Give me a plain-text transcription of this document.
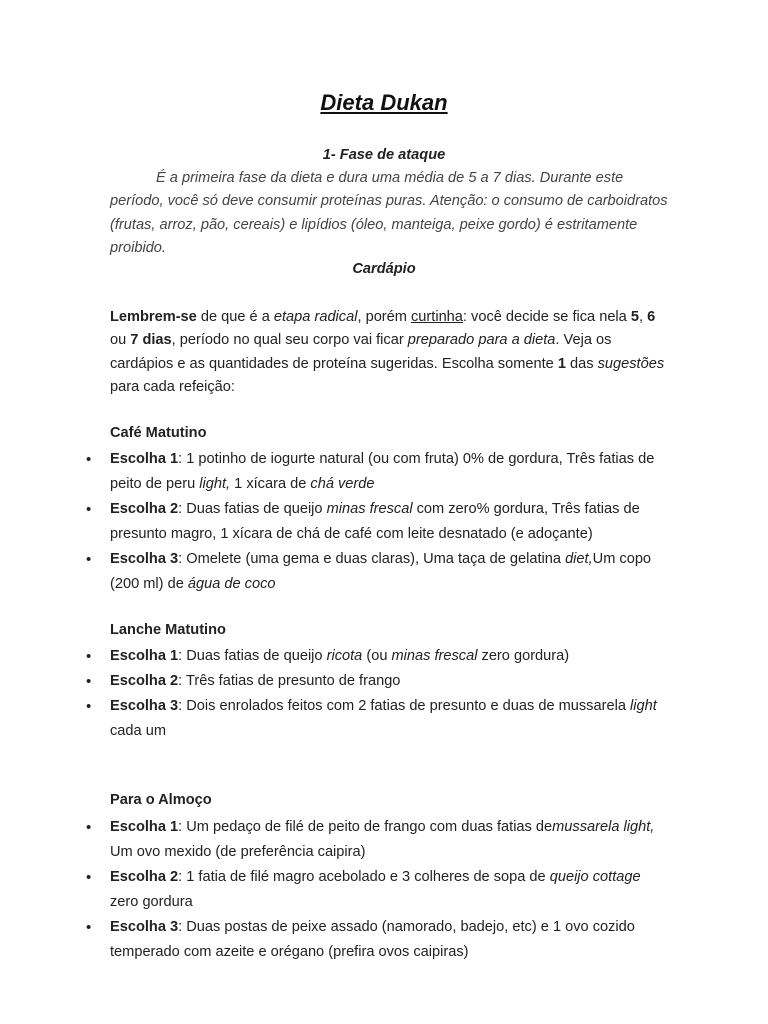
Dieta Dukan
1- Fase de ataque
É a primeira fase da dieta e dura uma média de 5 a 7 dias. Durante este período, você só deve consumir proteínas puras. Atenção: o consumo de carboidratos (frutas, arroz, pão, cereais) e lipídios (óleo, manteiga, peixe gordo) é estritamente proibido.
Cardápio
Lembrem-se de que é a etapa radical, porém curtinha: você decide se fica nela 5, 6 ou 7 dias, período no qual seu corpo vai ficar preparado para a dieta. Veja os cardápios e as quantidades de proteína sugeridas. Escolha somente 1 das sugestões para cada refeição:
Café Matutino
• Escolha 1: 1 potinho de iogurte natural (ou com fruta) 0% de gordura, Três fatias de peito de peru light, 1 xícara de chá verde
• Escolha 2: Duas fatias de queijo minas frescal com zero% gordura, Três fatias de presunto magro, 1 xícara de chá de café com leite desnatado (e adoçante)
• Escolha 3: Omelete (uma gema e duas claras), Uma taça de gelatina diet,Um copo (200 ml) de água de coco
Lanche Matutino
• Escolha 1: Duas fatias de queijo ricota (ou minas frescal zero gordura)
• Escolha 2: Três fatias de presunto de frango
• Escolha 3: Dois enrolados feitos com 2 fatias de presunto e duas de mussarela light cada um
Para o Almoço
• Escolha 1: Um pedaço de filé de peito de frango com duas fatias demussarela light, Um ovo mexido (de preferência caipira)
• Escolha 2: 1 fatia de filé magro acebolado e 3 colheres de sopa de queijo cottage zero gordura
• Escolha 3: Duas postas de peixe assado (namorado, badejo, etc) e 1 ovo cozido temperado com azeite e orégano (prefira ovos caipiras)
